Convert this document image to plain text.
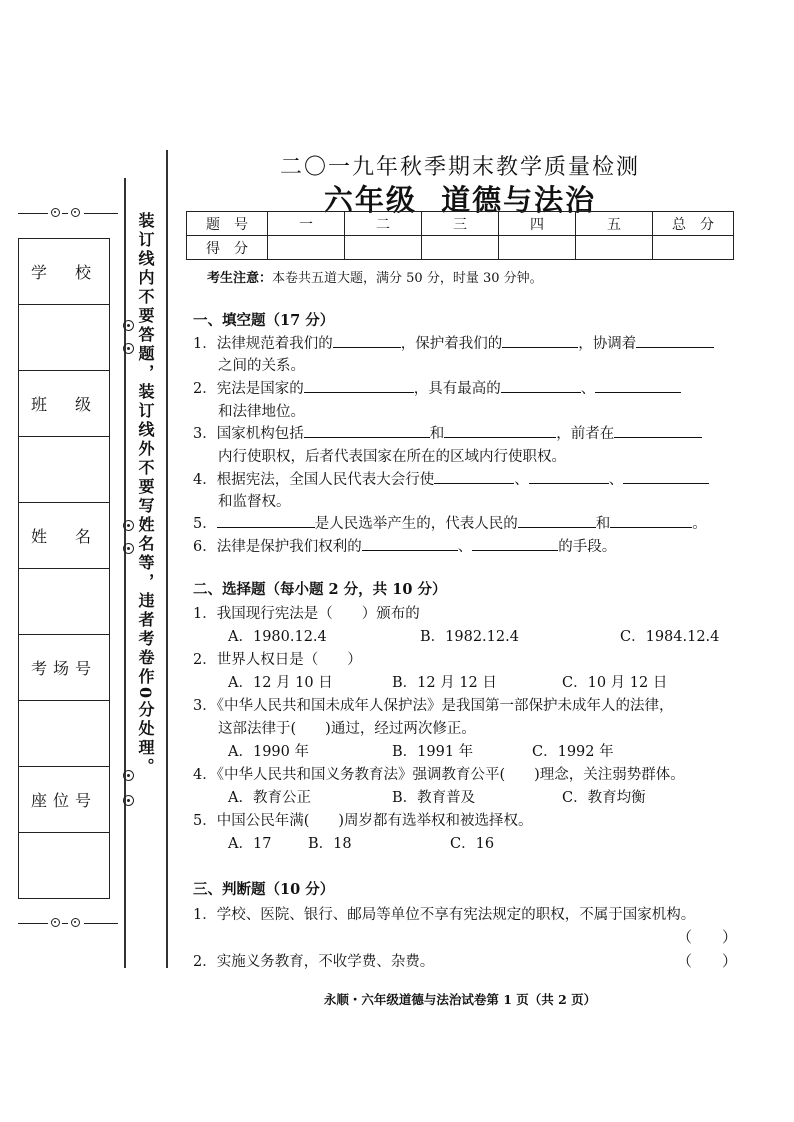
学　校

班　级

姓　名

考场号

座位号

装订线内不要答题，装订线外不要写姓名等，违者考卷作0分处理。
二〇一九年秋季期末教学质量检测
六年级  道德与法治
题　号	一	二	三	四	五	总　分
得　分						
考生注意：本卷共五道大题，满分 50 分，时量 30 分钟。
一、填空题（17 分）
1．法律规范着我们的	，保护着我们的	，协调着
之间的关系。
2．宪法是国家的	，具有最高的	、
和法律地位。
3．国家机构包括	和	，前者在
内行使职权，后者代表国家在所在的区域内行使职权。
4．根据宪法，全国人民代表大会行使	、	、
和监督权。
5．	是人民选举产生的，代表人民的	和	。
6．法律是保护我们权利的	、	的手段。
二、选择题（每小题 2 分，共 10 分）
1．我国现行宪法是（　　）颁布的
A．1980.12.4	B．1982.12.4	C．1984.12.4
2．世界人权日是（　　）
A．12 月 10 日	B．12 月 12 日	C．10 月 12 日
3．《中华人民共和国未成年人保护法》是我国第一部保护未成年人的法律，
这部法律于(　　)通过，经过两次修正。
A．1990 年	B．1991 年	C．1992 年
4．《中华人民共和国义务教育法》强调教育公平(　　)理念，关注弱势群体。
A．教育公正	B．教育普及	C．教育均衡
5．中国公民年满(　　)周岁都有选举权和被选择权。
A．17	B．18	C．16
三、判断题（10 分）
1．学校、医院、银行、邮局等单位不享有宪法规定的职权，不属于国家机构。
（　　）
2．实施义务教育，不收学费、杂费。	（　　）
永顺・六年级道德与法治试卷第 1 页（共 2 页）
